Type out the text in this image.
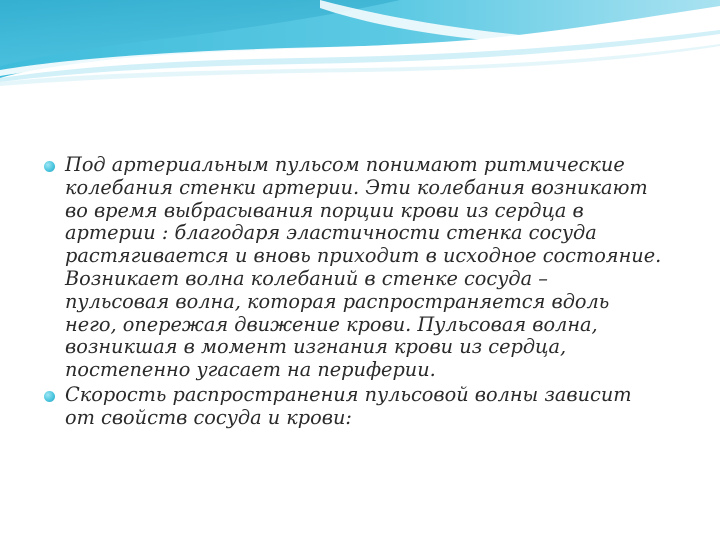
Под артериальным пульсом понимают ритмические
колебания стенки артерии. Эти колебания возникают
во время выбрасывания порции крови из сердца в
артерии : благодаря эластичности стенка сосуда
растягивается и вновь приходит в исходное состояние.
Возникает волна колебаний в стенке сосуда –
пульсовая волна, которая распространяется вдоль
него, опережая движение крови. Пульсовая волна,
возникшая в момент изгнания крови из сердца,
постепенно угасает на периферии.
Скорость распространения пульсовой волны зависит
от свойств сосуда и крови:
